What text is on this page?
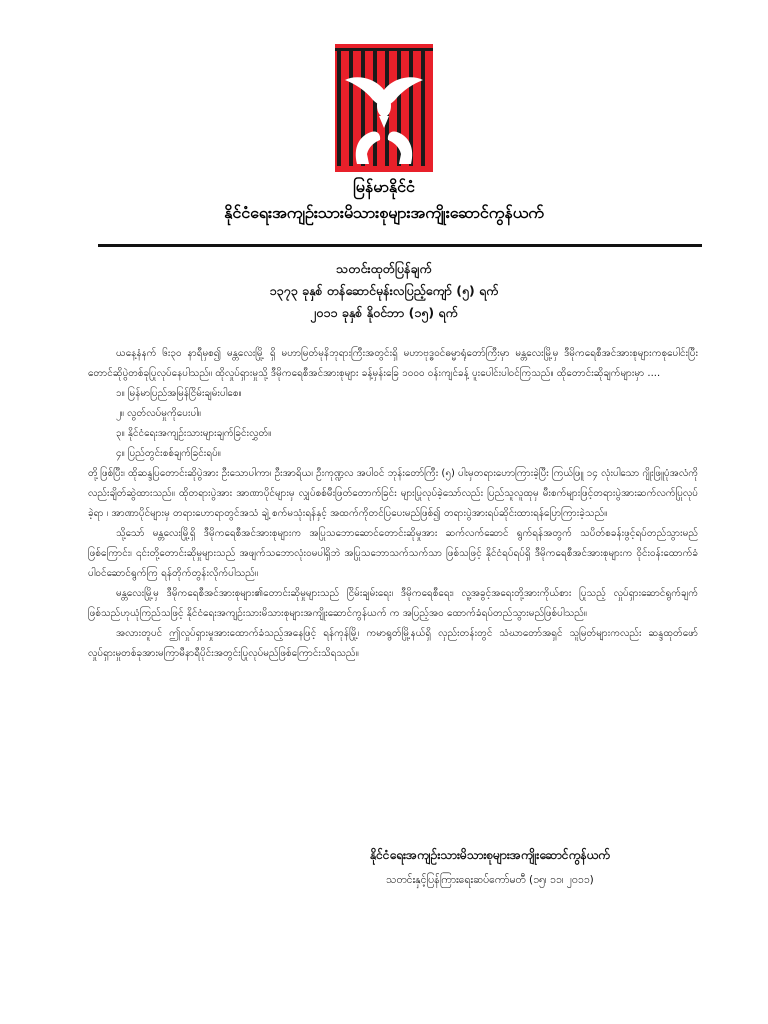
မြန်မာနိုင်ငံ
နိုင်ငံရေးအကျဉ်းသားမိသားစုများအကျိုးဆောင်ကွန်ယက်
သတင်းထုတ်ပြန်ချက်
၁၃၇၃ ခုနှစ် တန်ဆောင်မုန်းလပြည့်ကျော် (၅) ရက်
၂၀၁၁ ခုနှစ် နိုဝင်ဘာ (၁၅) ရက်

ယနေ့နံနက် ၆း၃၀ နာရီမှစ၍ မန္တလေးမြို့ ရှိ မဟာမြတ်မုနိဘုရားကြီးအတွင်းရှိ မဟာဗုဒ္ဓဝင်ဓမ္မာရုံတော်ကြီးမှာ မန္တလေးမြို့မှ ဒီမိုကရေစီအင်အားစုများကစုပေါင်းပြီး တောင်ဆိုပွဲတစ်ခုပြုလုပ်နေပါသည်။ ထိုလှုပ်ရှားမှုသို့ ဒီမိုကရေစီအင်အားစုများ ခန့်မှန်းခြေ ၁၀၀၀ ဝန်းကျင်ခန့် ပူးပေါင်းပါဝင်ကြသည်။ ထိုတောင်းဆိုချက်များမှာ ....

၁။ မြန်မာပြည်အမြန်ငြိမ်းချမ်းပါစေ။
၂။ လွတ်လပ်မှုကိုပေးပါ။
၃။ နိုင်ငံရေးအကျဉ်းသားများချက်ခြင်းလွှတ်။
၄။ ပြည်တွင်းစစ်ချက်ခြင်းရပ်။

တို့ဖြစ်ပြီး၊ ထိုဆန္ဒပြတောင်းဆိုပွဲအား ဦးသောပါကာ၊ ဦးအာရိယ၊ ဦးကုဏ္ဍလ အပါဝင် ဘုန်းတော်ကြီး (၅) ပါးမှတရားဟောကြားခဲ့ပြီး ကြယ်ဖြူ ၁၄ လုံးပါသော ဂျိုးဖြူပုံအလံကိုလည်းချိတ်ဆွဲထားသည်။ ထိုတရားပွဲအား အာဏာပိုင်များမှ လျှပ်စစ်မီးဖြတ်တောက်ခြင်း များပြုလုပ်ခဲ့သော်လည်း ပြည်သူလူထုမှ မီးစက်များဖြင့်တရားပွဲအားဆက်လက်ပြုလုပ်ခဲ့ရာ ၊ အာဏာပိုင်များမှ တရားဟောရာတွင်အသံ ချဲ့ စက်မသုံးရန်နှင့် အထက်ကိုတင်ပြပေးမည်ဖြစ်၍ တရားပွဲအားရပ်ဆိုင်းထားရန်ပြောကြားခဲ့သည်။

သို့သော် မန္တလေးမြို့ရှိ ဒီမိုကရေစီအင်အားစုများက အပြုသဘောဆောင်တောင်းဆိုမှုအား ဆက်လက်ဆောင် ရွက်ရန်အတွက် သပိတ်စခန်းဖွင့်ရပ်တည်သွားမည်ဖြစ်ကြောင်း၊ ၎င်းတို့တောင်းဆိုမှုများသည် အဖျက်သဘောလုံးဝမပါရှိဘဲ အပြုသဘောသက်သက်သာ ဖြစ်သဖြင့် နိုင်ငံရပ်ရပ်ရှိ ဒီမိုကရေစီအင်အားစုများက ဝိုင်းဝန်းထောက်ခံပါဝင်ဆောင်ရွက်ကြ ရန်တိုက်တွန်းလိုက်ပါသည်။

မန္တလေးမြို့မှ ဒီမိုကရေစီအင်အားစုများ၏တောင်းဆိုမှုများသည် ငြိမ်းချမ်းရေး၊ ဒီမိုကရေစီရေး၊ လူ့အခွင့်အရေးတို့အားကိုယ်စား ပြုသည့် လှုပ်ရှားဆောင်ရွက်ချက်ဖြစ်သည်ဟုယုံကြည်သဖြင့် နိုင်ငံရေးအကျဉ်းသားမိသားစုများအကျိုးဆောင်ကွန်ယက် က အပြည့်အဝ ထောက်ခံရပ်တည်သွားမည်ဖြစ်ပါသည်။

အလားတူပင် ဤလှုပ်ရှားမှုအားထောက်ခံသည့်အနေဖြင့် ရန်ကုန်မြို့၊ ကမာရွတ်မြို့နယ်ရှိ လှည်းတန်းတွင် သံဃာတော်အရှင် သူမြတ်များကလည်း ဆန္ဒထုတ်ဖော် လှုပ်ရှားမှုတစ်ခုအားမကြာမီနာရီပိုင်းအတွင်းပြုလုပ်မည်ဖြစ်ကြောင်းသိရသည်။

နိုင်ငံရေးအကျဉ်းသားမိသားစုများအကျိုးဆောင်ကွန်ယက်
သတင်းနှင့်ပြန်ကြားရေးဆပ်ကော်မတီ (၁၅၊ ၁၁၊ ၂၀၁၁)
